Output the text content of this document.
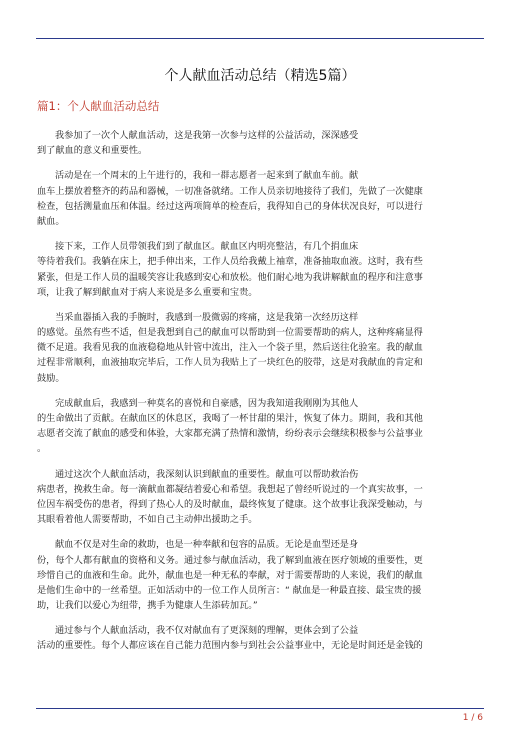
个人献血活动总结（精选5篇）
篇1：个人献血活动总结
我参加了一次个人献血活动，这是我第一次参与这样的公益活动，深深感受
到了献血的意义和重要性。
活动是在一个周末的上午进行的，我和一群志愿者一起来到了献血车前。献
血车上摆放着整齐的药品和器械，一切准备就绪。工作人员亲切地接待了我们，先做了一次健康
检查，包括测量血压和体温。经过这两项简单的检查后，我得知自己的身体状况良好，可以进行
献血。
接下来，工作人员带领我们到了献血区。献血区内明亮整洁，有几个捐血床
等待着我们。我躺在床上，把手伸出来，工作人员给我戴上袖章，准备抽取血液。这时，我有些
紧张，但是工作人员的温暖笑容让我感到安心和放松。他们耐心地为我讲解献血的程序和注意事
项，让我了解到献血对于病人来说是多么重要和宝贵。
当采血器插入我的手腕时，我感到一股微弱的疼痛，这是我第一次经历这样
的感觉。虽然有些不适，但是我想到自己的献血可以帮助到一位需要帮助的病人，这种疼痛显得
微不足道。我看见我的血液稳稳地从针管中流出，注入一个袋子里，然后送往化验室。我的献血
过程非常顺利，血液抽取完毕后，工作人员为我贴上了一块红色的胶带，这是对我献血的肯定和
鼓励。
完成献血后，我感到一种莫名的喜悦和自豪感，因为我知道我刚刚为其他人
的生命做出了贡献。在献血区的休息区，我喝了一杯甘甜的果汁，恢复了体力。期间，我和其他
志愿者交流了献血的感受和体验，大家都充满了热情和激情，纷纷表示会继续积极参与公益事业
。
通过这次个人献血活动，我深刻认识到献血的重要性。献血可以帮助救治伤
病患者，挽救生命。每一滴献血都凝结着爱心和希望。我想起了曾经听说过的一个真实故事，一
位因车祸受伤的患者，得到了热心人的及时献血，最终恢复了健康。这个故事让我深受触动，与
其眼看着他人需要帮助，不如自己主动伸出援助之手。
献血不仅是对生命的救助，也是一种奉献和包容的品质。无论是血型还是身
份，每个人都有献血的资格和义务。通过参与献血活动，我了解到血液在医疗领域的重要性，更
珍惜自己的血液和生命。此外，献血也是一种无私的奉献，对于需要帮助的人来说，我们的献血
是他们生命中的一丝希望。正如活动中的一位工作人员所言：“ 献血是一种最直接、最宝贵的援
助，让我们以爱心为纽带，携手为健康人生添砖加瓦。”
通过参与个人献血活动，我不仅对献血有了更深刻的理解，更体会到了公益
活动的重要性。每个人都应该在自己能力范围内参与到社会公益事业中，无论是时间还是金钱的
1 / 6
